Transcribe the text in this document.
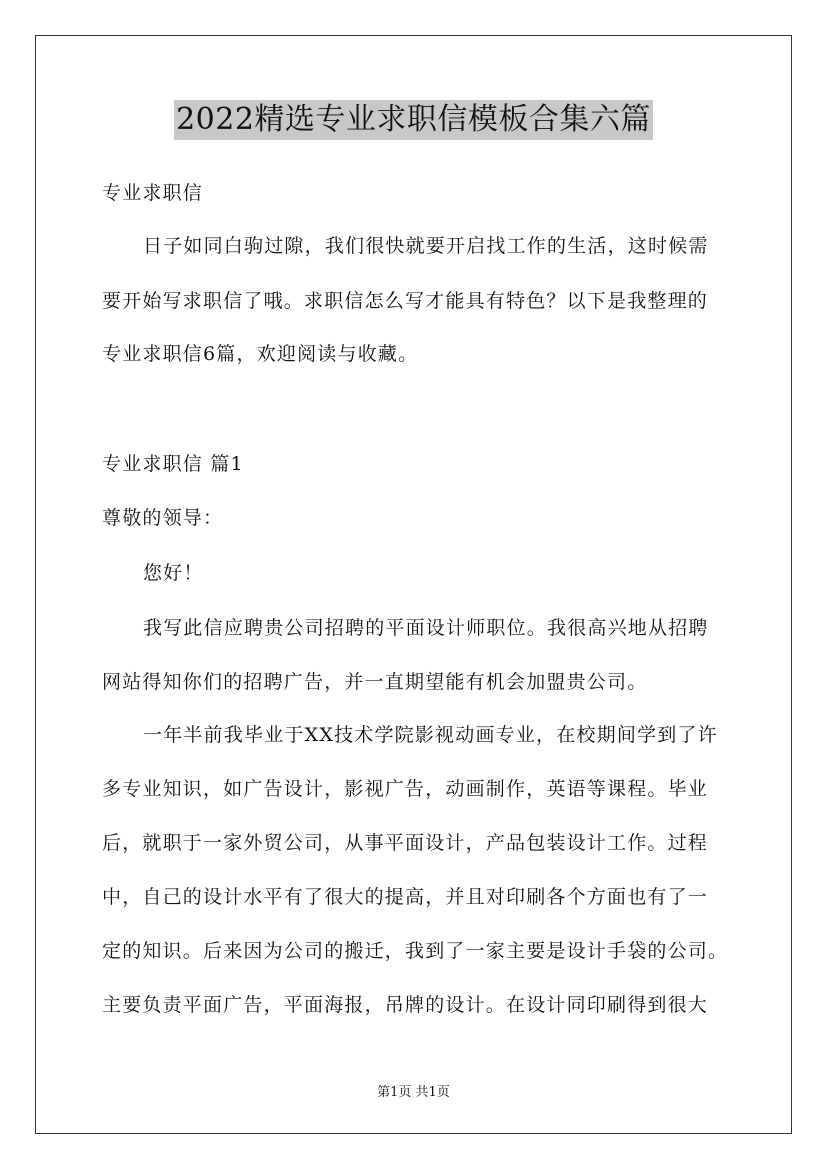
2022精选专业求职信模板合集六篇
专业求职信
日子如同白驹过隙，我们很快就要开启找工作的生活，这时候需
要开始写求职信了哦。求职信怎么写才能具有特色？以下是我整理的
专业求职信6篇，欢迎阅读与收藏。
专业求职信 篇1
尊敬的领导：
您好！
我写此信应聘贵公司招聘的平面设计师职位。我很高兴地从招聘
网站得知你们的招聘广告，并一直期望能有机会加盟贵公司。
一年半前我毕业于XX技术学院影视动画专业，在校期间学到了许
多专业知识，如广告设计，影视广告，动画制作，英语等课程。毕业
后，就职于一家外贸公司，从事平面设计，产品包装设计工作。过程
中，自己的设计水平有了很大的提高，并且对印刷各个方面也有了一
定的知识。后来因为公司的搬迁，我到了一家主要是设计手袋的公司。
主要负责平面广告，平面海报，吊牌的设计。在设计同印刷得到很大
第1页 共1页
